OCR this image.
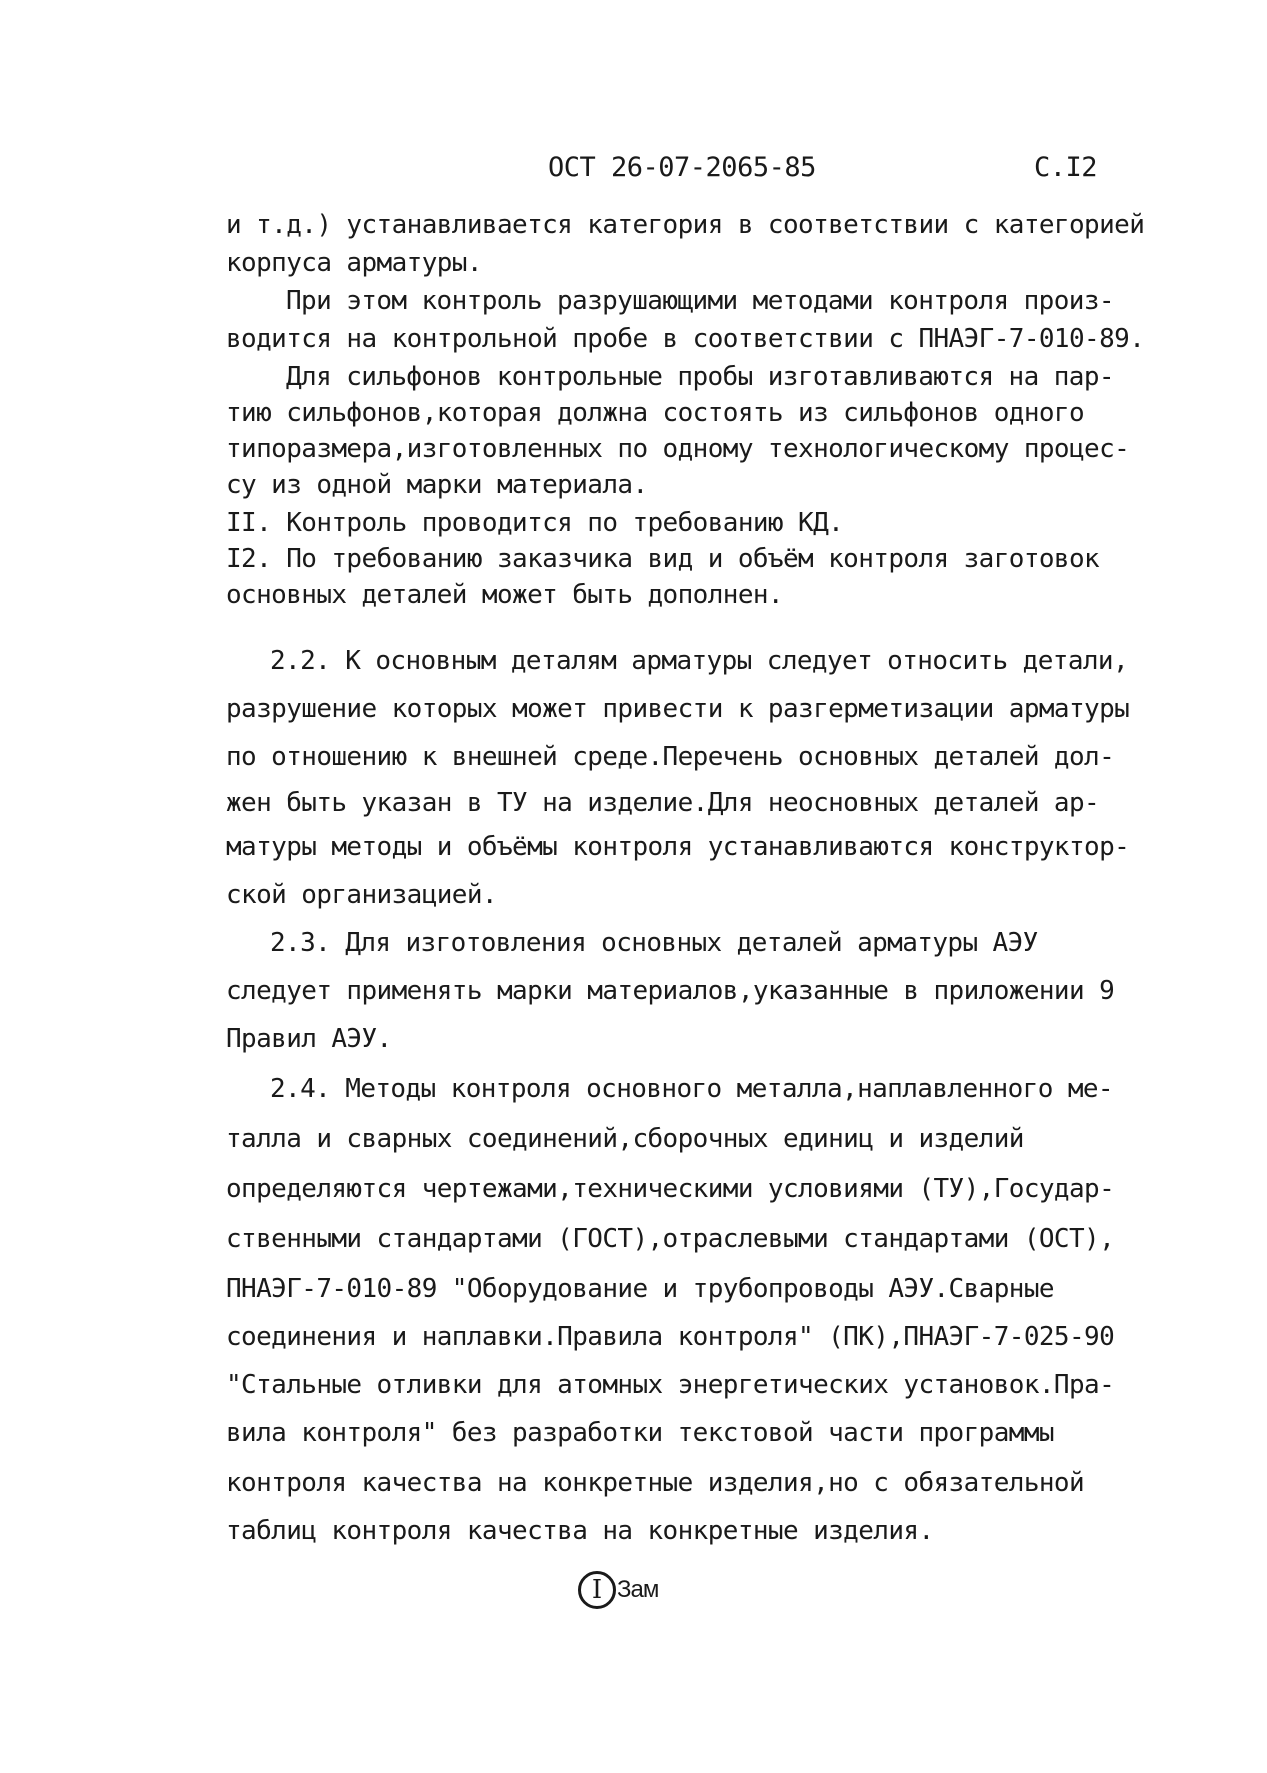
ОСТ 26-07-2065-85	С.I2
и т.д.) устанавливается категория в соответствии с категорией
корпуса арматуры.
При этом контроль разрушающими методами контроля произ-
водится на контрольной пробе в соответствии с ПНАЭГ-7-010-89.
Для сильфонов контрольные пробы изготавливаются на пар-
тию сильфонов,которая должна состоять из сильфонов одного
типоразмера,изготовленных по одному технологическому процес-
су из одной марки материала.
II. Контроль проводится по требованию КД.
I2. По требованию заказчика вид и объём контроля заготовок
основных деталей может быть дополнен.
2.2. К основным деталям арматуры следует относить детали,
разрушение которых может привести к разгерметизации арматуры
по отношению к внешней среде.Перечень основных деталей дол-
жен быть указан в ТУ на изделие.Для неосновных деталей ар-
матуры методы и объёмы контроля устанавливаются конструктор-
ской организацией.
2.3. Для изготовления основных деталей арматуры АЭУ
следует применять марки материалов,указанные в приложении 9
Правил АЭУ.
2.4. Методы контроля основного металла,наплавленного ме-
талла и сварных соединений,сборочных единиц и изделий
определяются чертежами,техническими условиями (ТУ),Государ-
ственными стандартами (ГОСТ),отраслевыми стандартами (ОСТ),
ПНАЭГ-7-010-89 "Оборудование и трубопроводы АЭУ.Сварные
соединения и наплавки.Правила контроля" (ПК),ПНАЭГ-7-025-90
"Стальные отливки для атомных энергетических установок.Пра-
вила контроля" без разработки текстовой части программы
контроля качества на конкретные изделия,но с обязательной
таблиц контроля качества на конкретные изделия.
I Зам
